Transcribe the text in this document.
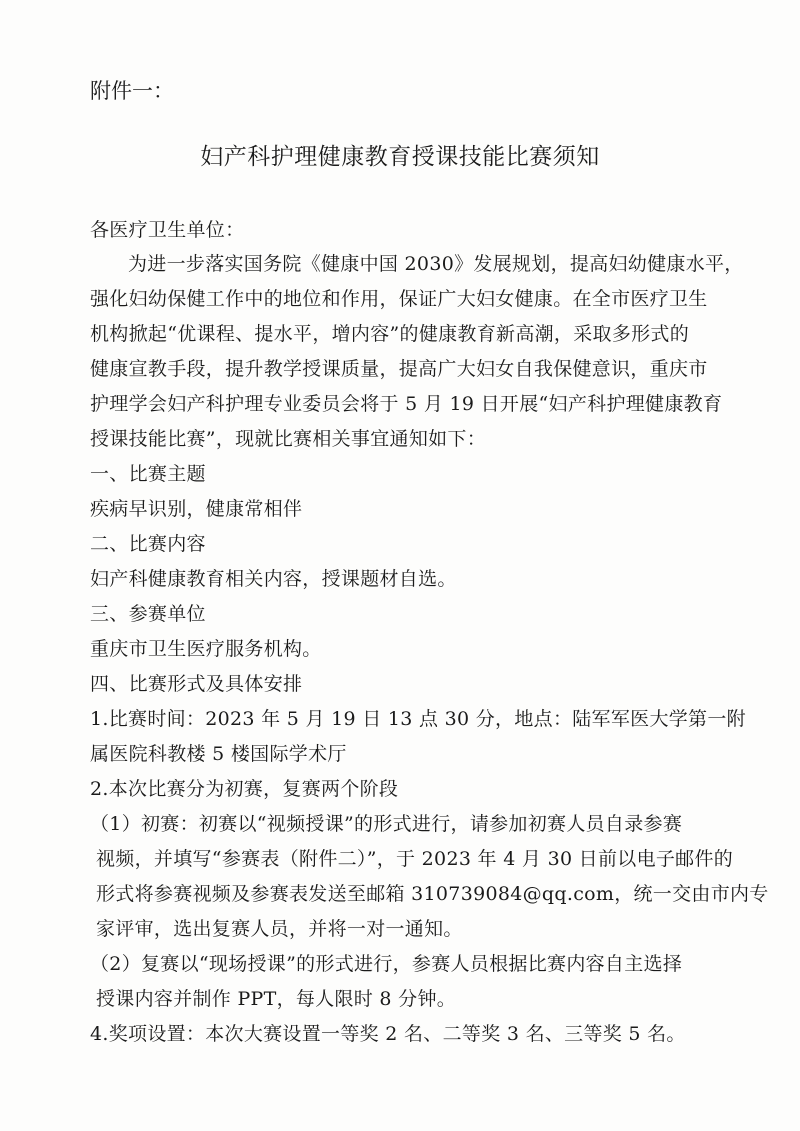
附件一：
妇产科护理健康教育授课技能比赛须知
各医疗卫生单位：
为进一步落实国务院《健康中国 2030》发展规划，提高妇幼健康水平，
强化妇幼保健工作中的地位和作用，保证广大妇女健康。在全市医疗卫生
机构掀起“优课程、提水平，增内容”的健康教育新高潮，采取多形式的
健康宣教手段，提升教学授课质量，提高广大妇女自我保健意识，重庆市
护理学会妇产科护理专业委员会将于 5 月 19 日开展“妇产科护理健康教育
授课技能比赛”，现就比赛相关事宜通知如下：
一、比赛主题
疾病早识别，健康常相伴
二、比赛内容
妇产科健康教育相关内容，授课题材自选。
三、参赛单位
重庆市卫生医疗服务机构。
四、比赛形式及具体安排
1.比赛时间：2023 年 5 月 19 日 13 点 30 分，地点：陆军军医大学第一附
属医院科教楼 5 楼国际学术厅
2.本次比赛分为初赛，复赛两个阶段
（1）初赛：初赛以“视频授课”的形式进行，请参加初赛人员自录参赛
视频，并填写“参赛表（附件二）”，于 2023 年 4 月 30 日前以电子邮件的
形式将参赛视频及参赛表发送至邮箱 310739084@qq.com，统一交由市内专
家评审，选出复赛人员，并将一对一通知。
（2）复赛以“现场授课”的形式进行，参赛人员根据比赛内容自主选择
授课内容并制作 PPT，每人限时 8 分钟。
4.奖项设置：本次大赛设置一等奖 2 名、二等奖 3 名、三等奖 5 名。
